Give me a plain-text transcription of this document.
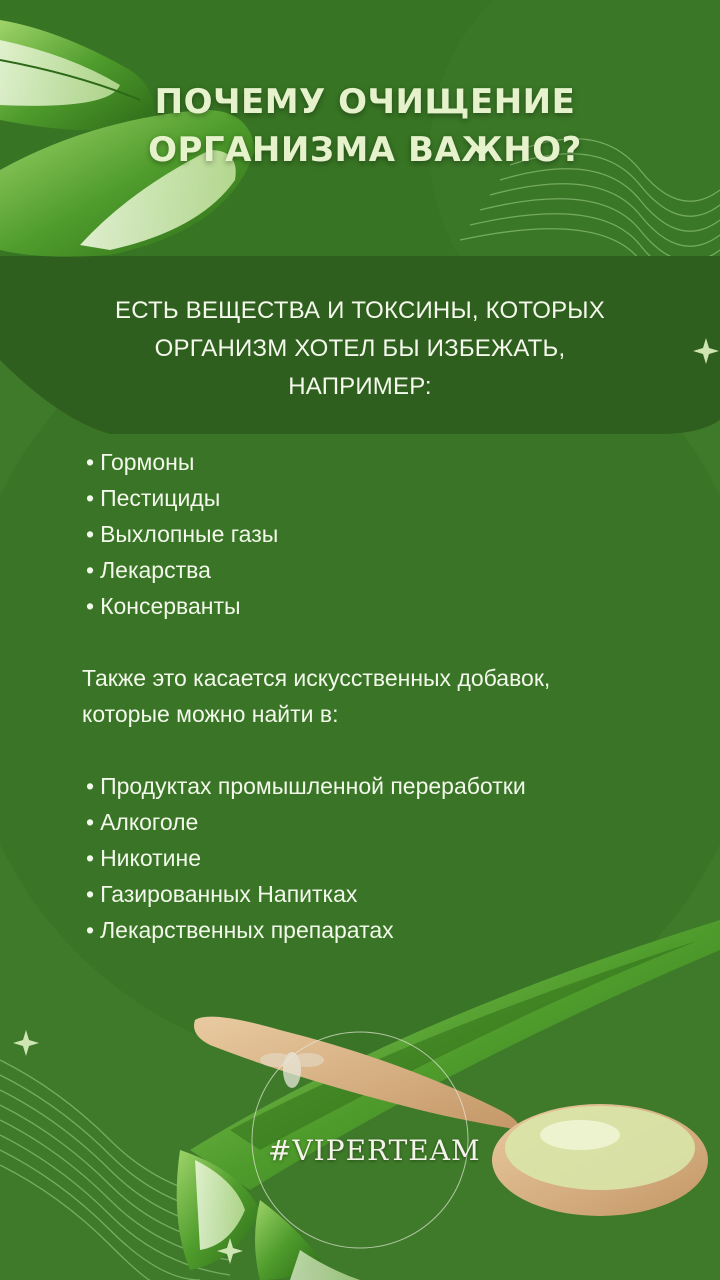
ПОЧЕМУ ОЧИЩЕНИЕ
ОРГАНИЗМА ВАЖНО?
ЕСТЬ ВЕЩЕСТВА И ТОКСИНЫ, КОТОРЫХ
ОРГАНИЗМ ХОТЕЛ БЫ ИЗБЕЖАТЬ,
НАПРИМЕР:
• Гормоны
• Пестициды
• Выхлопные газы
• Лекарства
• Консерванты
Также это касается искусственных добавок,
которые можно найти в:
• Продуктах промышленной переработки
• Алкоголе
• Никотине
• Газированных Напитках
• Лекарственных препаратах
#VIPERTEAM
